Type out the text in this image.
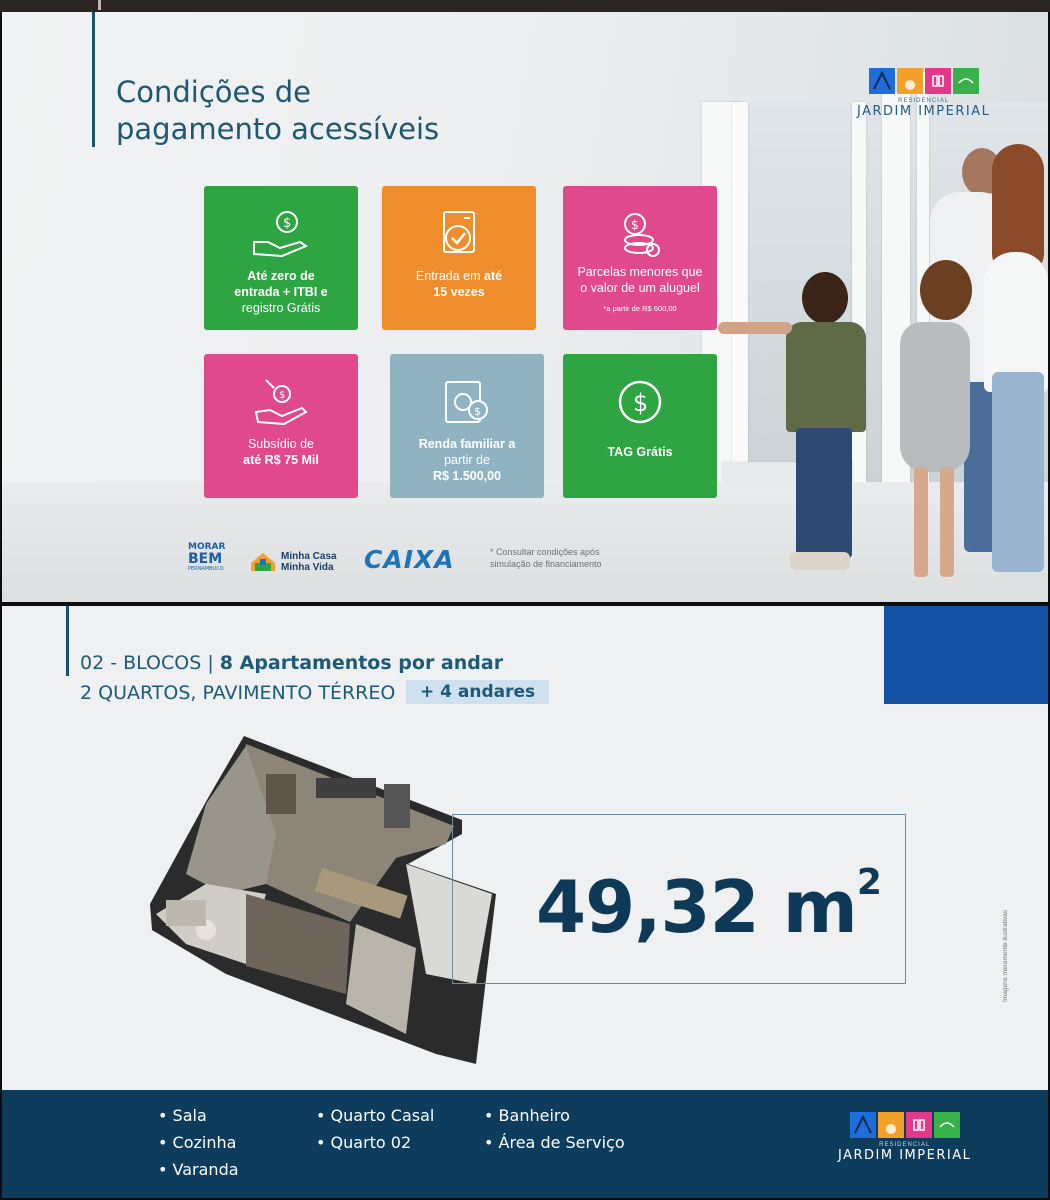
Condições de
pagamento acessíveis
RESIDENCIAL
JARDIM IMPERIAL
$
Até zero de
entrada + ITBI e
registro Grátis
Entrada em até
15 vezes
$
Parcelas menores que
o valor de um aluguel
*a partir de R$ 600,00
$
Subsídio de
até R$ 75 Mil
$
Renda familiar a
partir de
R$ 1.500,00
$
TAG Grátis
MORAR
BEM
PERNAMBUCO
Minha Casa
Minha Vida CAIXA	* Consultar condições após
simulação de financiamento
02 - BLOCOS | 8 Apartamentos por andar
2 QUARTOS, PAVIMENTO TÉRREO	+ 4 andares
49,32 $m^2$
Imagens meramente ilustrativas
• Sala
• Cozinha
• Varanda
• Quarto Casal
• Quarto 02
• Banheiro
• Área de Serviço	RESIDENCIAL
JARDIM IMPERIAL
